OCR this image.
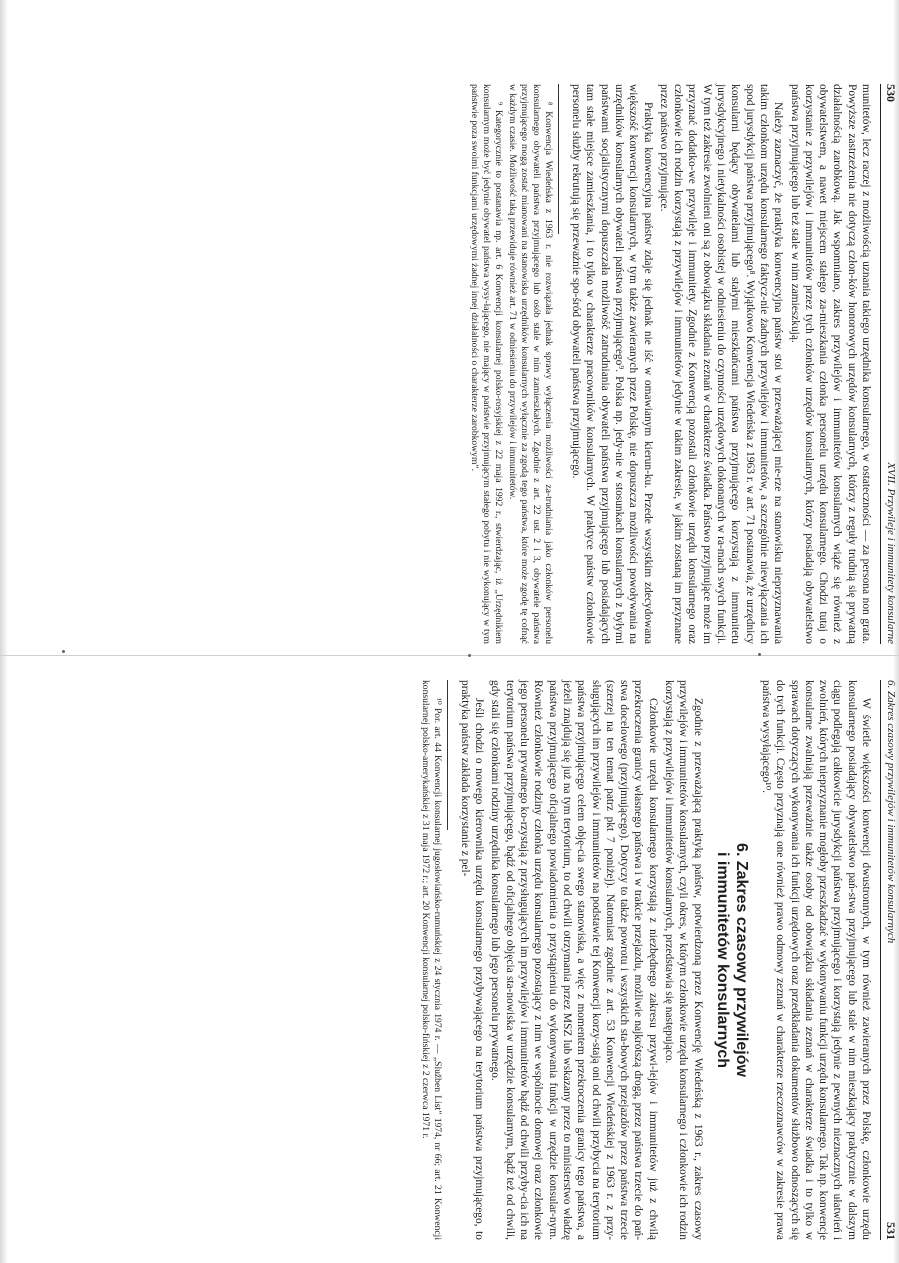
530
XVII. Przywileje i immunitety konsularne

munitetów, lecz raczej z możliwością uznania takiego urzędnika konsularnego, w ostateczności — za persona non grata. Powyższe zastrzeżenia nie dotyczą człon-ków honorowych urzędów konsularnych, którzy z reguły trudnią się prywatną działalnością zarobkową. Jak wspomniano, zakres przywilejów i immunitetów konsularnych wiąże się również z obywatelstwem, a nawet miejscem stałego za-mieszkania członka personelu urzędu konsularnego. Chodzi tutaj o korzystanie z przywilejów i immunitetów przez tych członków urzędów konsularnych, którzy posiadają obywatelstwo państwa przyjmującego lub też stale w nim zamieszkują.

Należy zaznaczyć, że praktyka konwencyjna państw stoi w przeważającej mie-rze na stanowisku nieprzyznawania takim członkom urzędu konsularnego faktycz-nie żadnych przywilejów i immunitetów, a szczególnie niewyłączania ich spod jurysdykcji państwa przyjmującego⁸. Wyjątkowo Konwencja Wiedeńska z 1963 r. w art. 71 postanawia, że urzędnicy konsularni będący obywatelami lub stałymi mieszkańcami państwa przyjmującego korzystają z immunitetu jurysdykcyjnego i nietykalności osobistej w odniesieniu do czynności urzędowych dokonanych w ra-mach swych funkcji. W tym też zakresie zwolnieni oni są z obowiązku składania zeznań w charakterze świadka. Państwo przyjmujące może im przyznać dodatko-we przywileje i immunitety. Zgodnie z Konwencją pozostali członkowie urzędu konsularnego oraz członkowie ich rodzin korzystają z przywilejów i immunitetów jedynie w takim zakresie, w jakim zostaną im przyznane przez państwo przyjmujące.

Praktyka konwencyjna państw zdaje się jednak nie iść w omawianym kierun-ku. Przede wszystkim zdecydowana większość konwencji konsularnych, w tym także zawieranych przez Polskę, nie dopuszcza możliwości powoływania na urzędników konsularnych obywateli państwa przyjmującego⁹. Polska np. jedy-nie w stosunkach konsularnych z byłymi państwami socjalistycznymi dopuszczała możliwość zatrudniania obywateli państwa przyjmującego lub posiadających tam stałe miejsce zamieszkania, i to tylko w charakterze pracowników konsularnych. W praktyce państw członkowie personelu służby rekrutują się przeważnie spo-śród obywateli państwa przyjmującego.

⁸ Konwencja Wiedeńska z 1963 r. nie rozwiązała jednak sprawy wyłączenia możliwości za-trudniania jako członków personelu konsularnego obywateli państwa przyjmującego lub osób stale w nim zamieszkałych. Zgodnie z art. 22 ust. 2 i 3, obywatele państwa przyjmującego mogą zostać mianowani na stanowiska urzędników konsularnych wyłącznie za zgodą tego państwa, które może zgodę tę cofnąć w każdym czasie. Możliwość taką przewiduje również art. 71 w odniesieniu do przywilejów i immunitetów.

⁹ Kategorycznie to postanawia np. art. 6 Konwencji konsularnej polsko-rosyjskiej z 22 maja 1992 r., stwierdzając, iż „Urzędnikiem konsularnym może być jedynie obywatel państwa wysy-łającego, nie mający w państwie przyjmującym stałego pobytu i nie wykonujący w tym państwie poza swoimi funkcjami urzędowymi żadnej innej działalności o charakterze zarobkowym”.

6. Zakres czasowy przywilejów i immunitetów konsularnych
531

W świetle większości konwencji dwustronnych, w tym również zawieranych przez Polskę, członkowie urzędu konsularnego posiadający obywatelstwo pań-stwa przyjmującego lub stale w nim mieszkający praktycznie w dalszym ciągu podlegają całkowicie jurysdykcji państwa przyjmującego i korzystają jedynie z pewnych nieznacznych ułatwień i zwolnień, których nieprzyznanie mogłoby przeszkadzać w wykonywaniu funkcji urzędu konsularnego. Tak np. konwencje konsularne zwalniają przeważnie także osoby od obowiązku składania zeznań w charakterze świadka i to tylko w sprawach dotyczących wykonywania ich funkcji urzędowych oraz przedkładania dokumentów służbowo odnoszących się do tych funkcji. Często przyznają one również prawo odmowy zeznań w charakterze rzeczoznawców w zakresie prawa państwa wysyłającego¹⁰.

6. Zakres czasowy przywilejów
i immunitetów konsularnych

Zgodnie z przeważającą praktyką państw, potwierdzoną przez Konwencję Wiedeńską z 1963 r., zakres czasowy przywilejów i immunitetów konsularnych, czyli okres, w którym członkowie urzędu konsularnego i członkowie ich rodzin korzystają z przywilejów i immunitetów konsularnych, przedstawia się następująco.

Członkowie urzędu konsularnego korzystają z niezbędnego zakresu przywi-lejów i immunitetów już z chwilą przekroczenia granicy własnego państwa i w trakcie przejazdu, możliwie najkrótszą drogą, przez państwa trzecie do pań-stwa docelowego (przyjmującego). Dotyczy to także powrotu i wszystkich sta-bowych przejazdów przez państwa trzecie (szerzej na ten temat patrz pkt 7 poniżej). Natomiast zgodnie z art. 53 Konwencji Wiedeńskiej z 1963 r. z przy-sługujących im przywilejów i immunitetów na podstawie tej Konwencji korzy-stają oni od chwili przybycia na terytorium państwa przyjmującego celem obję-cia swego stanowiska, a więc z momentem przekroczenia granicy tego państwa, a jeżeli znajdują się już na tym terytorium, to od chwili otrzymania przez MSZ lub wskazany przez to ministerstwo władzę państwa przyjmującego oficjalnego powiadomienia o przystąpieniu do wykonywania funkcji w urzędzie konsular-nym. Również członkowie rodziny członka urzędu konsularnego pozostający z nim we wspólnocie domowej oraz członkowie jego personelu prywatnego ko-rzystają z przysługujących im przywilejów i immunitetów bądź od chwili przyby-cia ich na terytorium państwa przyjmującego, bądź od oficjalnego objęcia sta-nowiska w urzędzie konsularnym, bądź też od chwili, gdy stali się członkami rodziny urzędnika konsularnego lub jego personelu prywatnego.

Jeśli chodzi o nowego kierownika urzędu konsularnego przybywającego na terytorium państwa przyjmującego, to praktyka państw zakłada korzystanie z pel-

¹⁰ Por. art. 44 Konwencji konsularnej jugosłowiańsko-rumuńskiej z 24 stycznia 1974 r. — „Služben List” 1974, nr 66; art. 21 Konwencji konsularnej polsko-amerykańskiej z 31 maja 1972 r.; art. 20 Konwencji konsularnej polsko-fińskiej z 2 czerwca 1971 r.
